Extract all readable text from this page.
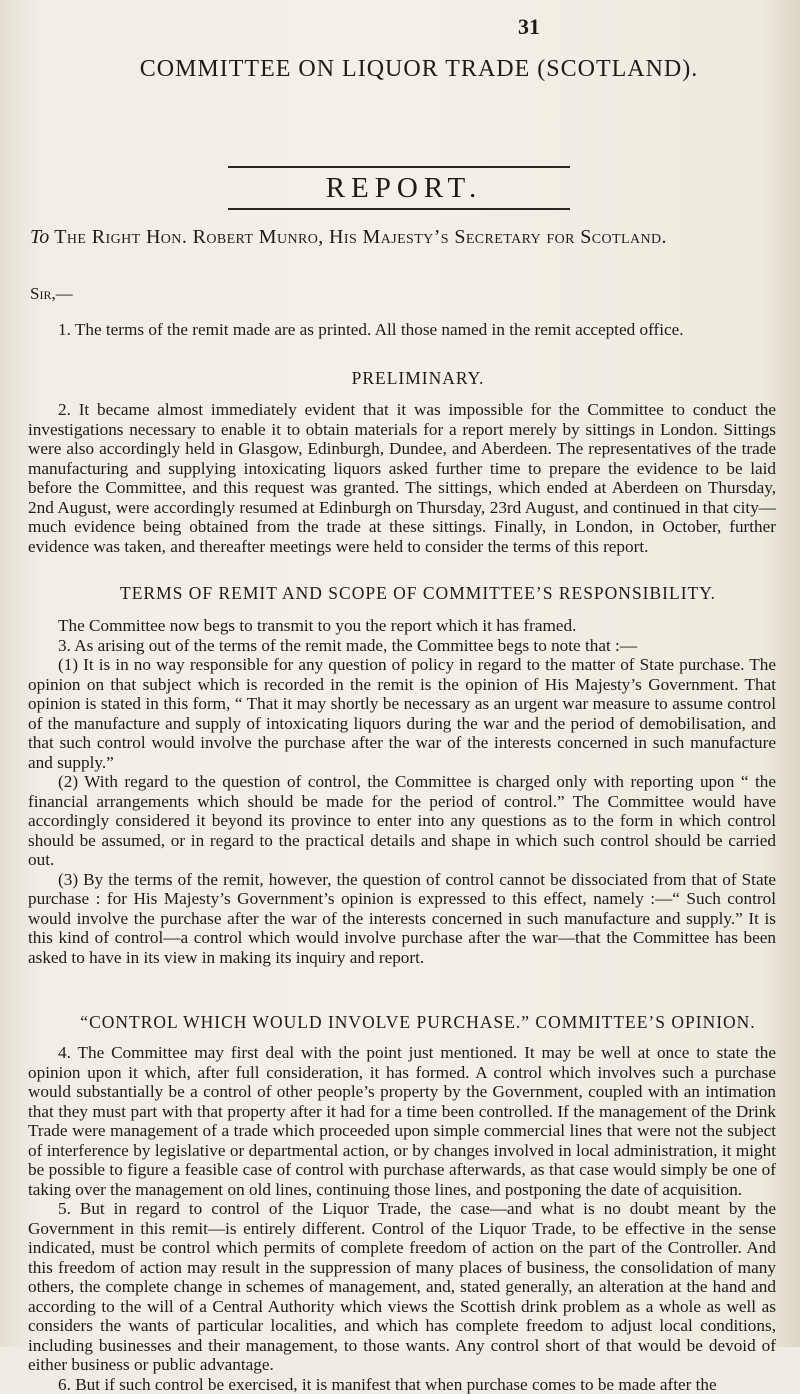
31
COMMITTEE ON LIQUOR TRADE (SCOTLAND).
REPORT.
To The Right Hon. Robert Munro, His Majesty’s Secretary for Scotland.
Sir,—

1. The terms of the remit made are as printed. All those named in the remit accepted office.

PRELIMINARY.

2. It became almost immediately evident that it was impossible for the Committee to conduct the investigations necessary to enable it to obtain materials for a report merely by sittings in London. Sittings were also accordingly held in Glasgow, Edinburgh, Dundee, and Aberdeen. The representatives of the trade manufacturing and supplying intoxicating liquors asked further time to prepare the evidence to be laid before the Committee, and this request was granted. The sittings, which ended at Aberdeen on Thursday, 2nd August, were accordingly resumed at Edinburgh on Thursday, 23rd August, and continued in that city—much evidence being obtained from the trade at these sittings. Finally, in London, in October, further evidence was taken, and thereafter meetings were held to consider the terms of this report.

TERMS OF REMIT AND SCOPE OF COMMITTEE’S RESPONSIBILITY.

The Committee now begs to transmit to you the report which it has framed.

3. As arising out of the terms of the remit made, the Committee begs to note that :—

(1) It is in no way responsible for any question of policy in regard to the matter of State purchase. The opinion on that subject which is recorded in the remit is the opinion of His Majesty’s Government. That opinion is stated in this form, “ That it may shortly be necessary as an urgent war measure to assume control of the manufacture and supply of intoxicating liquors during the war and the period of demobilisation, and that such control would involve the purchase after the war of the interests concerned in such manufacture and supply.”

(2) With regard to the question of control, the Committee is charged only with reporting upon “ the financial arrangements which should be made for the period of control.” The Committee would have accordingly considered it beyond its province to enter into any questions as to the form in which control should be assumed, or in regard to the practical details and shape in which such control should be carried out.

(3) By the terms of the remit, however, the question of control cannot be dissociated from that of State purchase : for His Majesty’s Government’s opinion is expressed to this effect, namely :—“ Such control would involve the purchase after the war of the interests concerned in such manufacture and supply.” It is this kind of control—a control which would involve purchase after the war—that the Committee has been asked to have in its view in making its inquiry and report.

“CONTROL WHICH WOULD INVOLVE PURCHASE.” COMMITTEE’S OPINION.

4. The Committee may first deal with the point just mentioned. It may be well at once to state the opinion upon it which, after full consideration, it has formed. A control which involves such a purchase would substantially be a control of other people’s property by the Government, coupled with an intimation that they must part with that property after it had for a time been controlled. If the management of the Drink Trade were management of a trade which proceeded upon simple commercial lines that were not the subject of interference by legislative or departmental action, or by changes involved in local administration, it might be possible to figure a feasible case of control with purchase afterwards, as that case would simply be one of taking over the management on old lines, continuing those lines, and postponing the date of acquisition.

5. But in regard to control of the Liquor Trade, the case—and what is no doubt meant by the Government in this remit—is entirely different. Control of the Liquor Trade, to be effective in the sense indicated, must be control which permits of complete freedom of action on the part of the Controller. And this freedom of action may result in the suppression of many places of business, the consolidation of many others, the complete change in schemes of management, and, stated generally, an alteration at the hand and according to the will of a Central Authority which views the Scottish drink problem as a whole as well as considers the wants of particular localities, and which has complete freedom to adjust local conditions, including businesses and their management, to those wants. Any control short of that would be devoid of either business or public advantage.

6. But if such control be exercised, it is manifest that when purchase comes to be made after the
